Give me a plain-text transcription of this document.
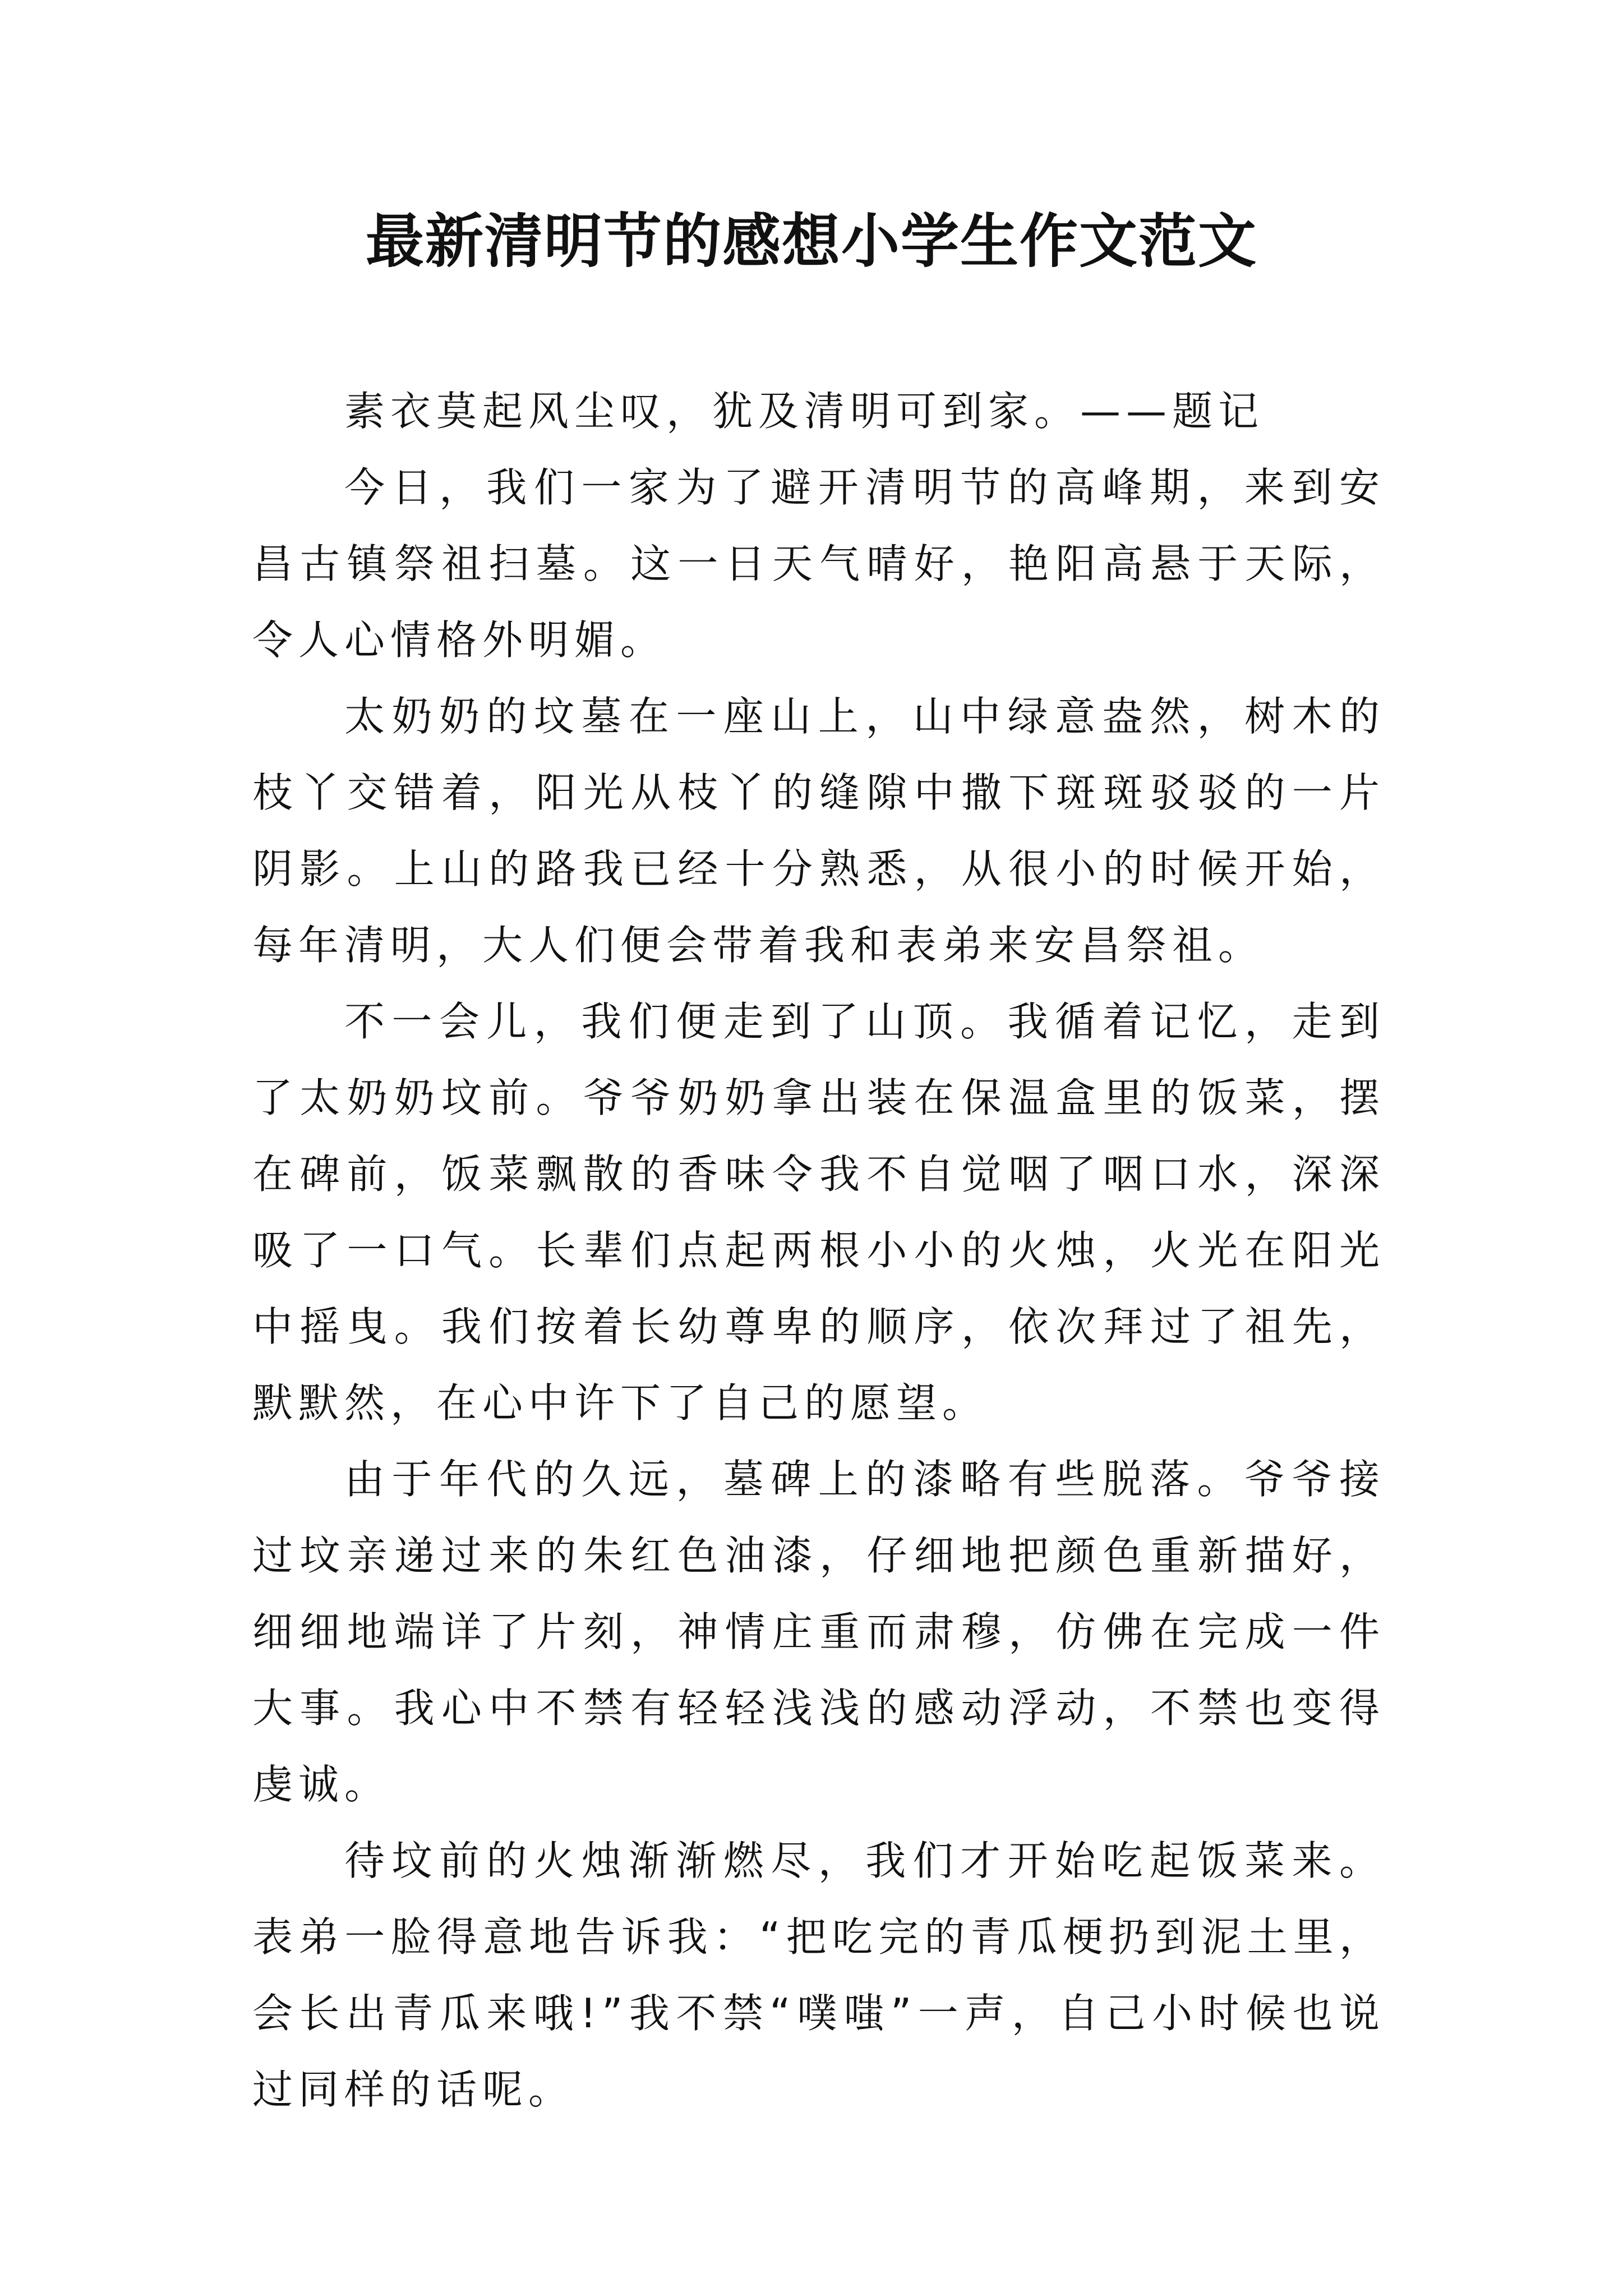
最新清明节的感想小学生作文范文

素衣莫起风尘叹，犹及清明可到家。——题记

今日，我们一家为了避开清明节的高峰期，来到安昌古镇祭祖扫墓。这一日天气晴好，艳阳高悬于天际，令人心情格外明媚。

太奶奶的坟墓在一座山上，山中绿意盎然，树木的枝丫交错着，阳光从枝丫的缝隙中撒下斑斑驳驳的一片阴影。上山的路我已经十分熟悉，从很小的时候开始，每年清明，大人们便会带着我和表弟来安昌祭祖。

不一会儿，我们便走到了山顶。我循着记忆，走到了太奶奶坟前。爷爷奶奶拿出装在保温盒里的饭菜，摆在碑前，饭菜飘散的香味令我不自觉咽了咽口水，深深吸了一口气。长辈们点起两根小小的火烛，火光在阳光中摇曳。我们按着长幼尊卑的顺序，依次拜过了祖先，默默然，在心中许下了自己的愿望。

由于年代的久远，墓碑上的漆略有些脱落。爷爷接过坟亲递过来的朱红色油漆，仔细地把颜色重新描好，细细地端详了片刻，神情庄重而肃穆，仿佛在完成一件大事。我心中不禁有轻轻浅浅的感动浮动，不禁也变得虔诚。

待坟前的火烛渐渐燃尽，我们才开始吃起饭菜来。表弟一脸得意地告诉我：“把吃完的青瓜梗扔到泥土里，会长出青瓜来哦!”我不禁“噗嗤”一声，自己小时候也说过同样的话呢。
